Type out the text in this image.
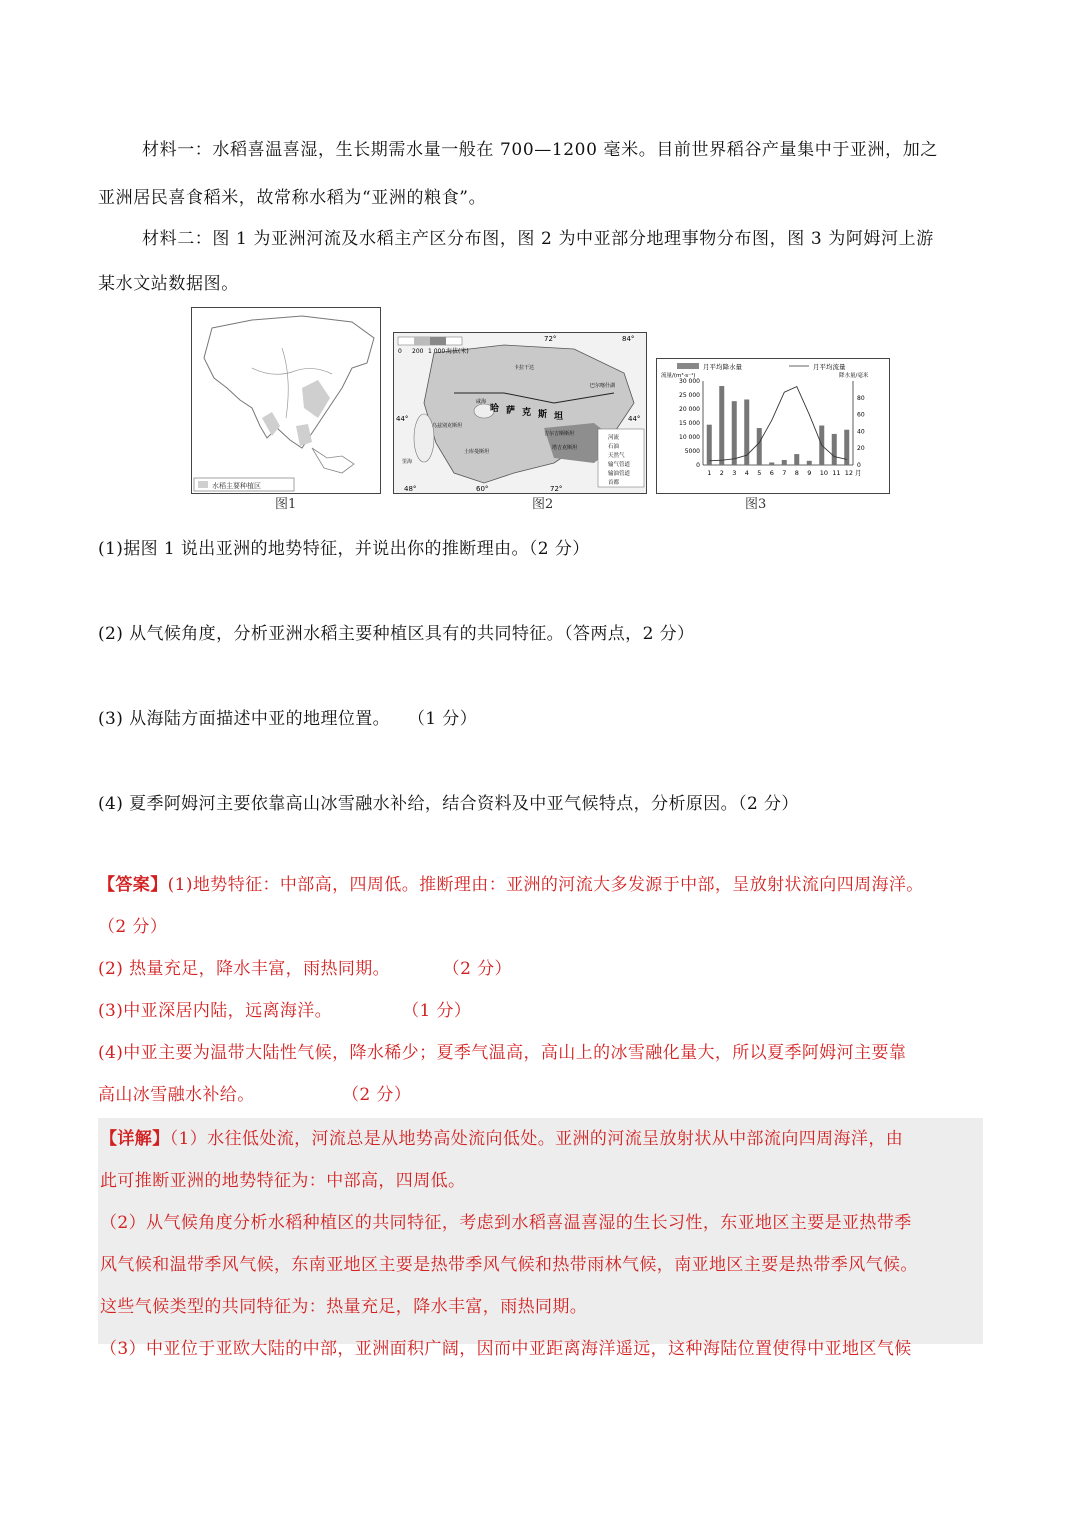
材料一：水稻喜温喜湿，生长期需水量一般在 700—1200 毫米。目前世界稻谷产量集中于亚洲，加之
亚洲居民喜食稻米，故常称水稻为“亚洲的粮食”。
材料二：图 1 为亚洲河流及水稻主产区分布图，图 2 为中亚部分地理事物分布图，图 3 为阿姆河上游
某水文站数据图。
水稻主要种植区
图1
0 200 1 000 海拔(米)
哈 萨 克 斯 坦
乌兹别克斯坦
土库曼斯坦
吉尔吉斯斯坦
塔吉克斯坦
卡拉干达
咸海
里海
巴尔喀什湖
72°	84°
44°	44°
48°	60°	72°
河流
石油
天然气
输气管道
输油管道
首都
图2
月平均降水量	月平均流量
流量/(m³·s⁻¹)	降水量/毫米
30 000
25 000
20 000
15 000
10 000
5000
0
80
60
40
20
0
1 2 3 4 5 6 7 8 9 10 11 12 月
图3
(1)据图 1 说出亚洲的地势特征，并说出你的推断理由。（2 分）
(2) 从气候角度，分析亚洲水稻主要种植区具有的共同特征。（答两点，2 分）
(3) 从海陆方面描述中亚的地理位置。　　（1 分）
(4) 夏季阿姆河主要依靠高山冰雪融水补给，结合资料及中亚气候特点，分析原因。（2 分）
【答案】(1)地势特征：中部高，四周低。推断理由：亚洲的河流大多发源于中部，呈放射状流向四周海洋。
（2 分）
(2) 热量充足，降水丰富，雨热同期。　　　　（2 分）
(3)中亚深居内陆，远离海洋。　　　　　（1 分）
(4)中亚主要为温带大陆性气候，降水稀少；夏季气温高，高山上的冰雪融化量大，所以夏季阿姆河主要靠
高山冰雪融水补给。　　　　　　（2 分）

【详解】（1）水往低处流，河流总是从地势高处流向低处。亚洲的河流呈放射状从中部流向四周海洋，由

此可推断亚洲的地势特征为：中部高，四周低。

（2）从气候角度分析水稻种植区的共同特征，考虑到水稻喜温喜湿的生长习性，东亚地区主要是亚热带季

风气候和温带季风气候，东南亚地区主要是热带季风气候和热带雨林气候，南亚地区主要是热带季风气候。

这些气候类型的共同特征为：热量充足，降水丰富，雨热同期。

（3）中亚位于亚欧大陆的中部，亚洲面积广阔，因而中亚距离海洋遥远，这种海陆位置使得中亚地区气候
